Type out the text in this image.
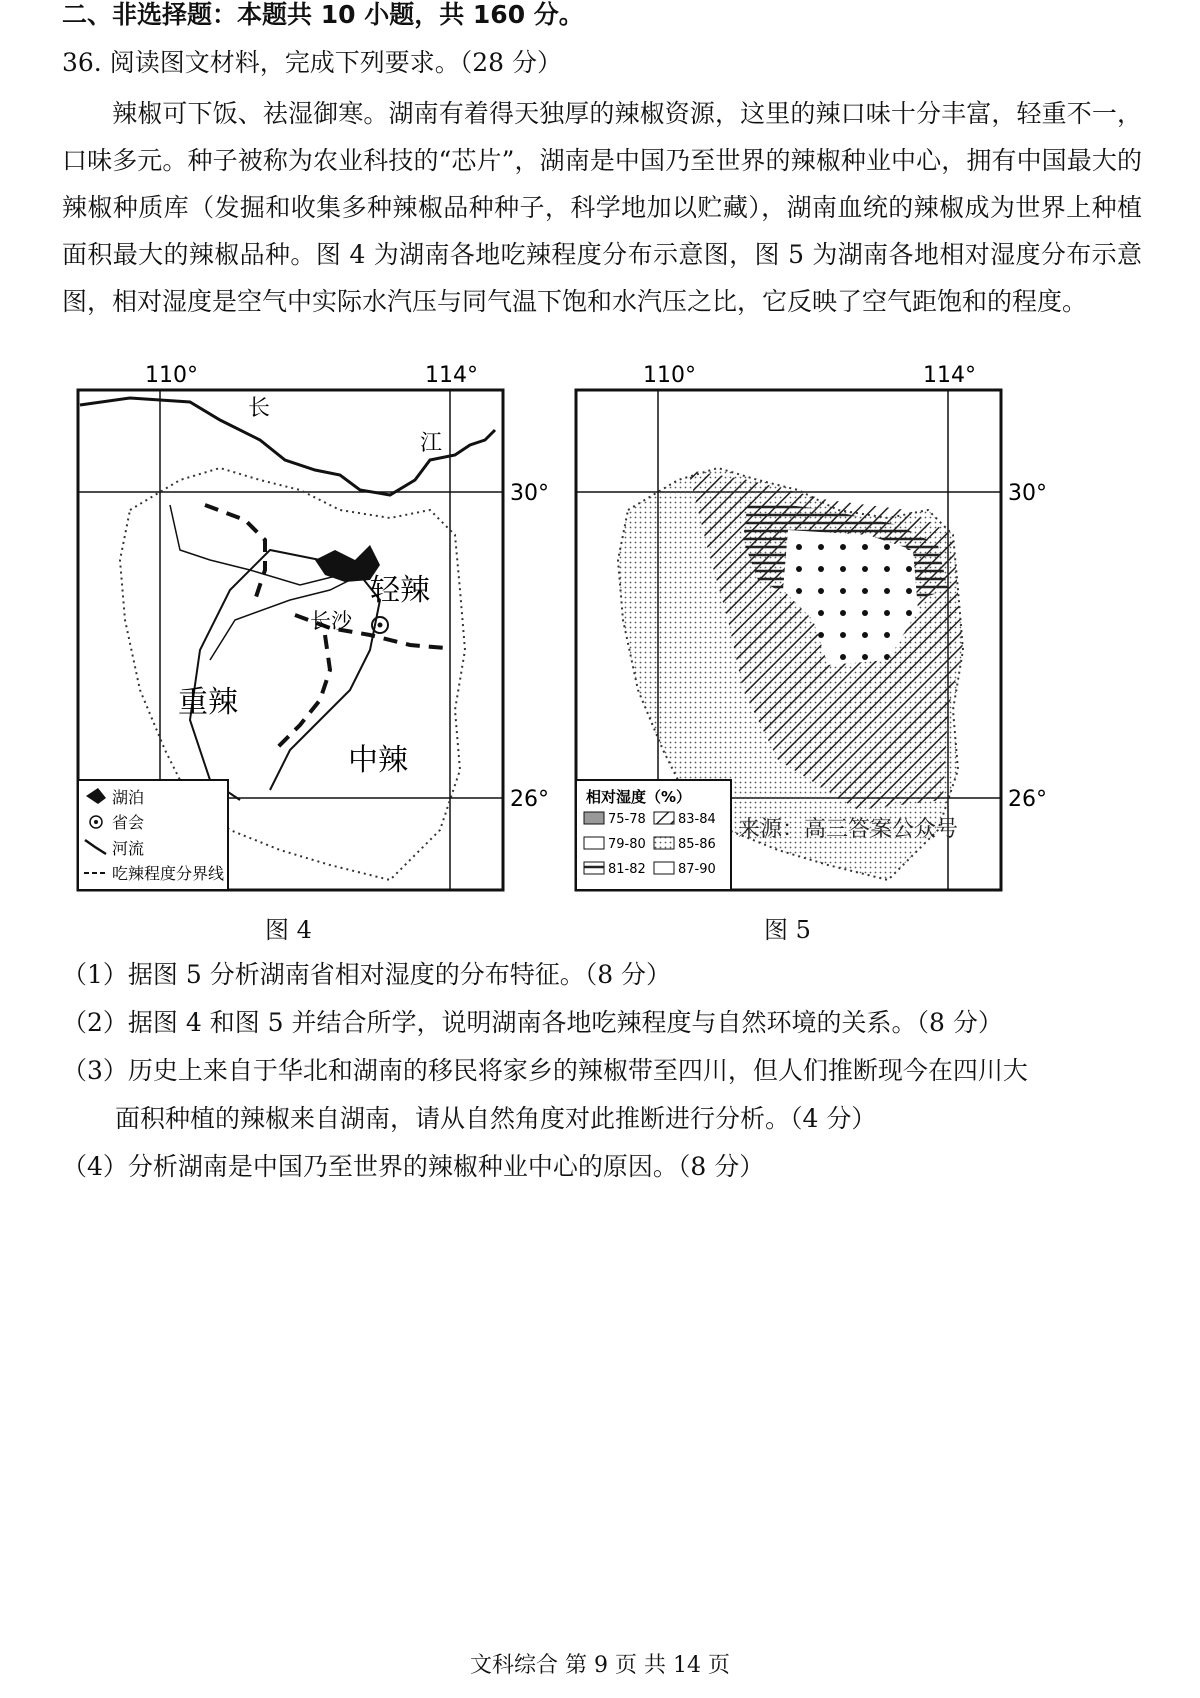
二、非选择题：本题共 10 小题，共 160 分。
36. 阅读图文材料，完成下列要求。（28 分）
辣椒可下饭、祛湿御寒。湖南有着得天独厚的辣椒资源，这里的辣口味十分丰富，轻重不一，口味多元。种子被称为农业科技的“芯片”，湖南是中国乃至世界的辣椒种业中心，拥有中国最大的辣椒种质库（发掘和收集多种辣椒品种种子，科学地加以贮藏），湖南血统的辣椒成为世界上种植面积最大的辣椒品种。图 4 为湖南各地吃辣程度分布示意图，图 5 为湖南各地相对湿度分布示意图，相对湿度是空气中实际水汽压与同气温下饱和水汽压之比，它反映了空气距饱和的程度。
110°	114°
30°
26°
长
江
长沙
轻辣
重辣
中辣
湖泊
省会
河流
吃辣程度分界线
图 4
110°	114°
30°
26°
相对湿度（%）
75-78 83-84
79-80 85-86
81-82 87-90
来源：高三答案公众号
图 5
（1）据图 5 分析湖南省相对湿度的分布特征。（8 分）
（2）据图 4 和图 5 并结合所学，说明湖南各地吃辣程度与自然环境的关系。（8 分）
（3）历史上来自于华北和湖南的移民将家乡的辣椒带至四川，但人们推断现今在四川大
面积种植的辣椒来自湖南，请从自然角度对此推断进行分析。（4 分）
（4）分析湖南是中国乃至世界的辣椒种业中心的原因。（8 分）
文科综合 第 9 页 共 14 页
